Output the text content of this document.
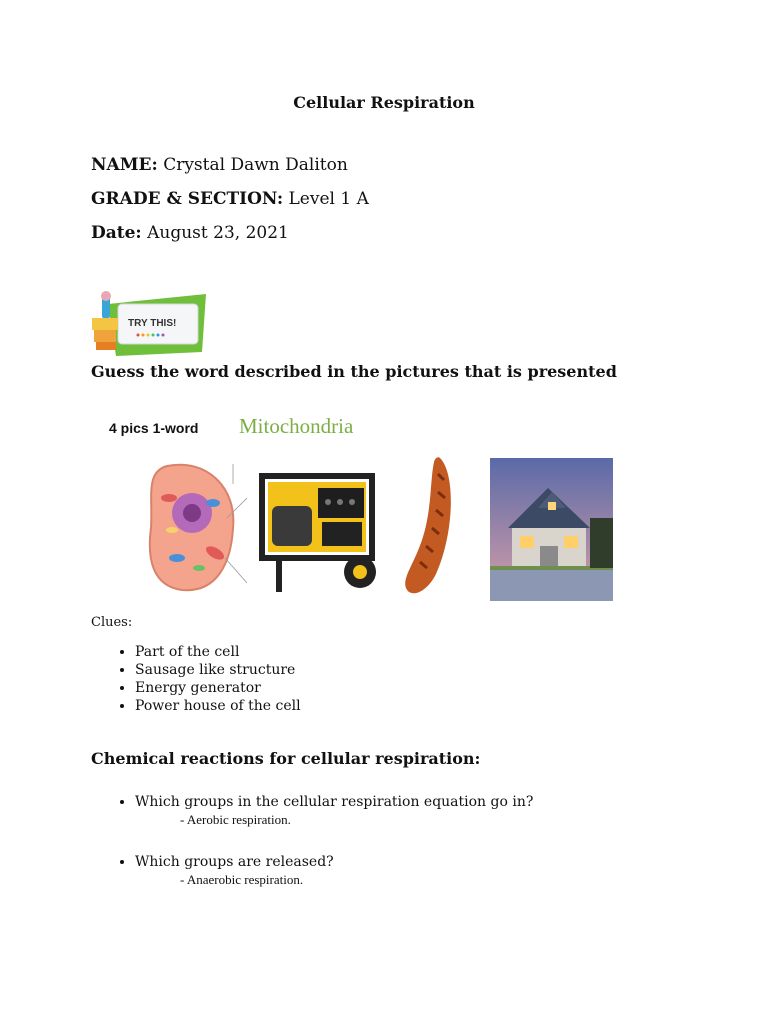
Cellular Respiration
NAME: Crystal Dawn Daliton
GRADE & SECTION: Level 1 A
Date: August 23, 2021
TRY THIS!
Guess the word described in the pictures that is presented
4 pics 1-word Mitochondria
Clues:
• Part of the cell
• Sausage like structure
• Energy generator
• Power house of the cell
Chemical reactions for cellular respiration:
• Which groups in the cellular respiration equation go in?
- Aerobic respiration.
• Which groups are released?
- Anaerobic respiration.
